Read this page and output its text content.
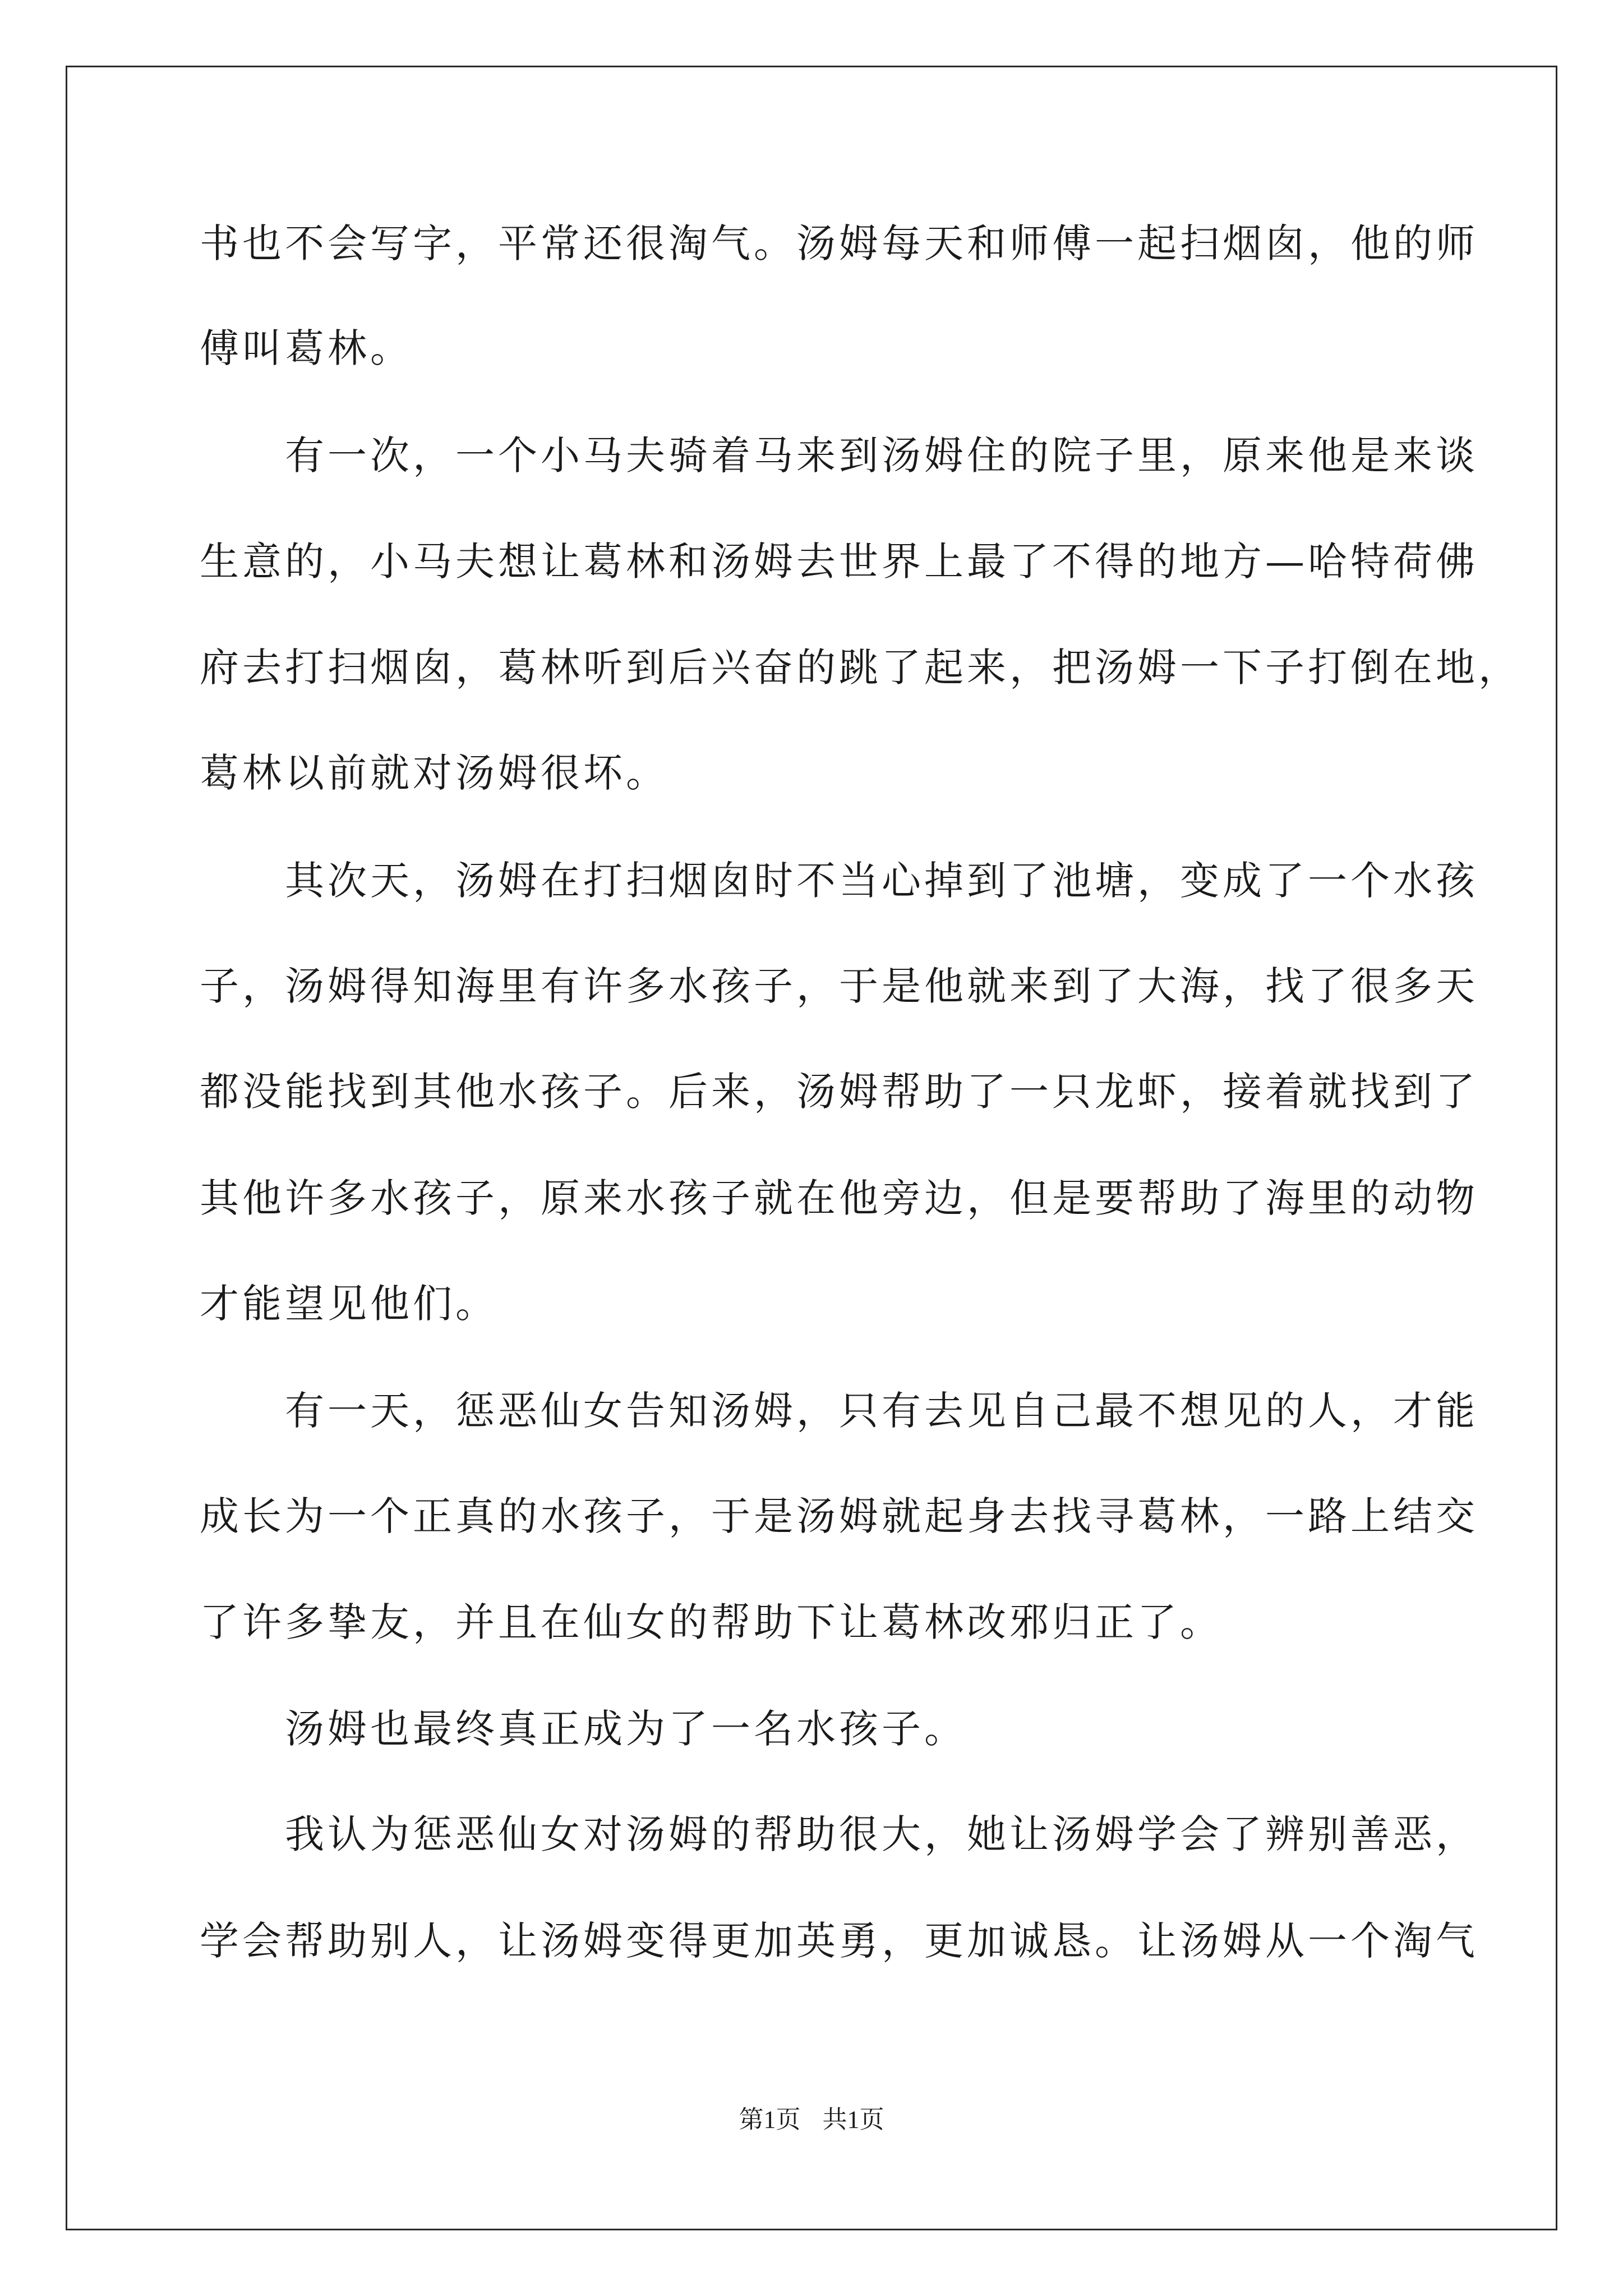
书也不会写字，平常还很淘气。汤姆每天和师傅一起扫烟囱，他的师
傅叫葛林。
　　有一次，一个小马夫骑着马来到汤姆住的院子里，原来他是来谈
生意的，小马夫想让葛林和汤姆去世界上最了不得的地方—哈特荷佛
府去打扫烟囱，葛林听到后兴奋的跳了起来，把汤姆一下子打倒在地，
葛林以前就对汤姆很坏。
　　其次天，汤姆在打扫烟囱时不当心掉到了池塘，变成了一个水孩
子，汤姆得知海里有许多水孩子，于是他就来到了大海，找了很多天
都没能找到其他水孩子。后来，汤姆帮助了一只龙虾，接着就找到了
其他许多水孩子，原来水孩子就在他旁边，但是要帮助了海里的动物
才能望见他们。
　　有一天，惩恶仙女告知汤姆，只有去见自己最不想见的人，才能
成长为一个正真的水孩子，于是汤姆就起身去找寻葛林，一路上结交
了许多挚友，并且在仙女的帮助下让葛林改邪归正了。
　　汤姆也最终真正成为了一名水孩子。
　　我认为惩恶仙女对汤姆的帮助很大，她让汤姆学会了辨别善恶，
学会帮助别人，让汤姆变得更加英勇，更加诚恳。让汤姆从一个淘气
第1页 共1页
